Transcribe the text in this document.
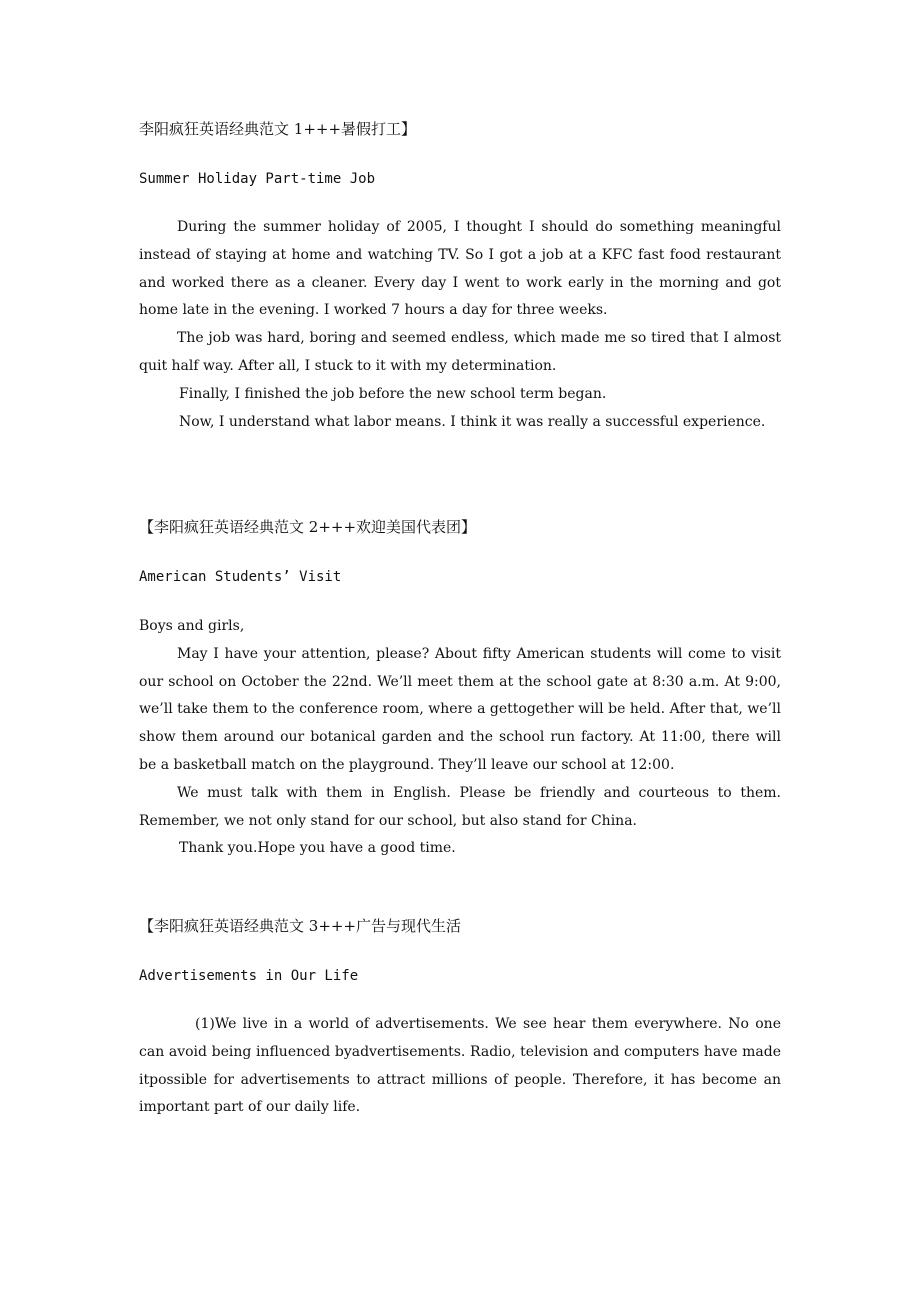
李阳疯狂英语经典范文 1+++暑假打工】
Summer Holiday Part-time Job

During the summer holiday of 2005, I thought I should do something meaningful instead of staying at home and watching TV. So I got a job at a KFC fast food restaurant and worked there as a cleaner. Every day I went to work early in the morning and got home late in the evening. I worked 7 hours a day for three weeks.

The job was hard, boring and seemed endless, which made me so tired that I almost quit half way. After all, I stuck to it with my determination.

Finally, I finished the job before the new school term began.

Now, I understand what labor means. I think it was really a successful experience.

【李阳疯狂英语经典范文 2+++欢迎美国代表团】
American Students’ Visit

Boys and girls,

May I have your attention, please? About fifty American students will come to visit our school on October the 22nd. We’ll meet them at the school gate at 8:30 a.m. At 9:00, we’ll take them to the conference room, where a gettogether will be held. After that, we’ll show them around our botanical garden and the school run factory. At 11:00, there will be a basketball match on the playground. They’ll leave our school at 12:00.

We must talk with them in English. Please be friendly and courteous to them. Remember, we not only stand for our school, but also stand for China.

Thank you.Hope you have a good time.

【李阳疯狂英语经典范文 3+++广告与现代生活
Advertisements in Our Life

(1)We live in a world of advertisements. We see hear them everywhere. No one can avoid being influenced byadvertisements. Radio, television and computers have made itpossible for advertisements to attract millions of people. Therefore, it has become an important part of our daily life.
